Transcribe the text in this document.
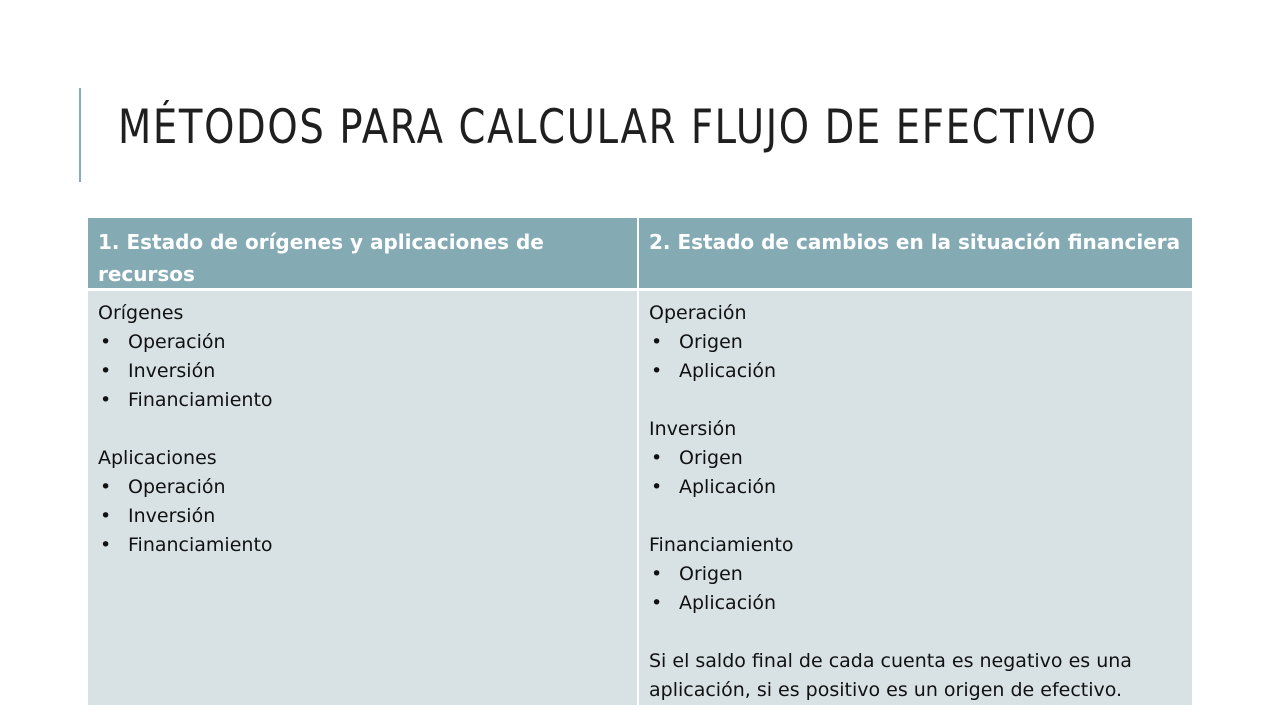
MÉTODOS PARA CALCULAR FLUJO DE EFECTIVO
1. Estado de orígenes y aplicaciones de recursos
2. Estado de cambios en la situación financiera
Orígenes
• Operación
• Inversión
• Financiamiento
Aplicaciones
• Operación
• Inversión
• Financiamiento
Operación
• Origen
• Aplicación
Inversión
• Origen
• Aplicación
Financiamiento
• Origen
• Aplicación
Si el saldo final de cada cuenta es negativo es una aplicación, si es positivo es un origen de efectivo.
